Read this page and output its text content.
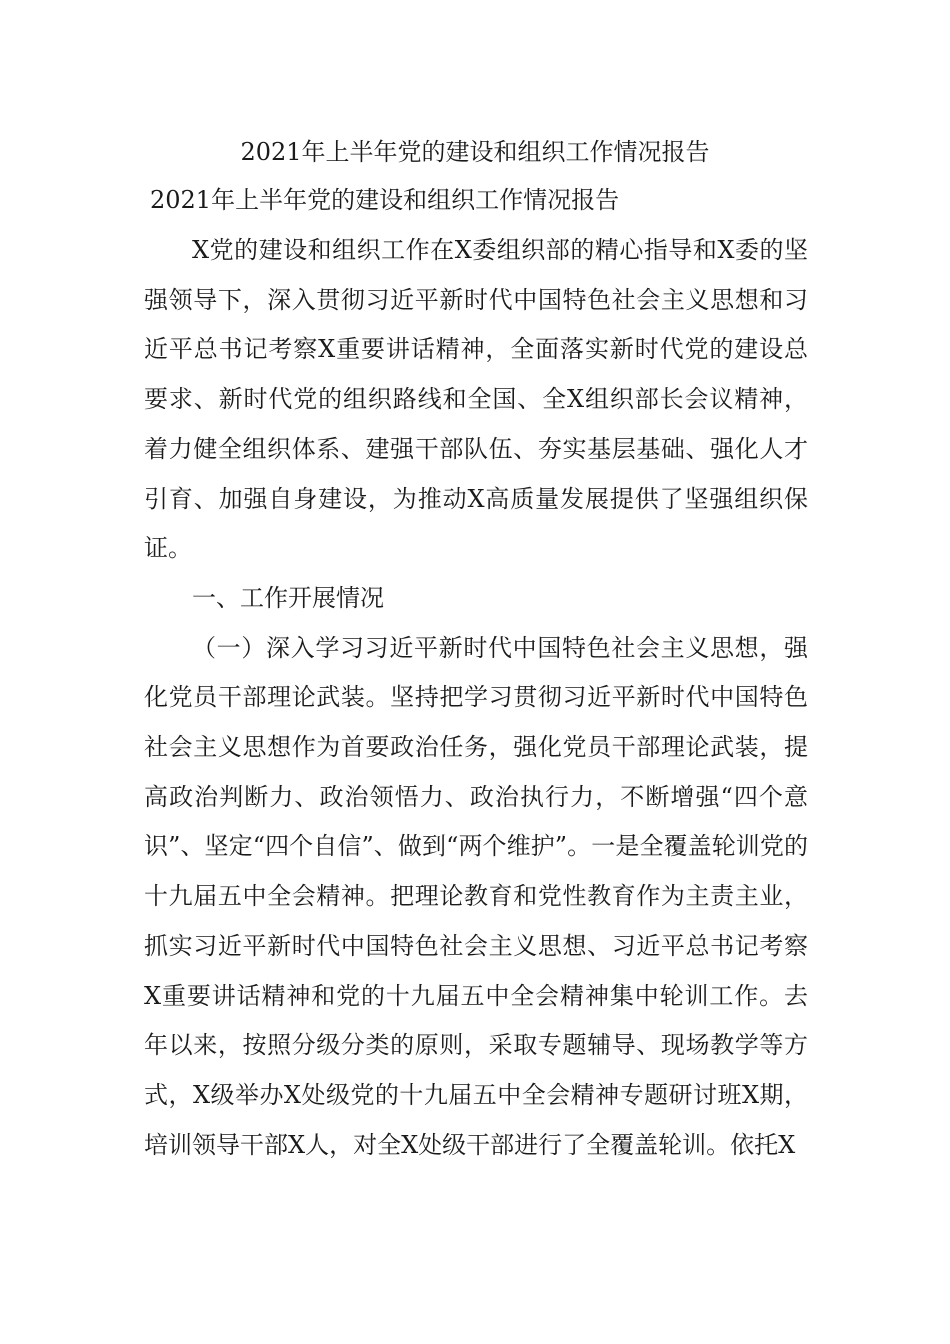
2021年上半年党的建设和组织工作情况报告
2021年上半年党的建设和组织工作情况报告

X党的建设和组织工作在X委组织部的精心指导和X委的坚强领导下，深入贯彻习近平新时代中国特色社会主义思想和习近平总书记考察X重要讲话精神，全面落实新时代党的建设总要求、新时代党的组织路线和全国、全X组织部长会议精神，着力健全组织体系、建强干部队伍、夯实基层基础、强化人才引育、加强自身建设，为推动X高质量发展提供了坚强组织保证。

一、工作开展情况

（一）深入学习习近平新时代中国特色社会主义思想，强化党员干部理论武装。坚持把学习贯彻习近平新时代中国特色社会主义思想作为首要政治任务，强化党员干部理论武装，提高政治判断力、政治领悟力、政治执行力，不断增强“四个意识”、坚定“四个自信”、做到“两个维护”。一是全覆盖轮训党的十九届五中全会精神。把理论教育和党性教育作为主责主业，抓实习近平新时代中国特色社会主义思想、习近平总书记考察X重要讲话精神和党的十九届五中全会精神集中轮训工作。去年以来，按照分级分类的原则，采取专题辅导、现场教学等方式，X级举办X处级党的十九届五中全会精神专题研讨班X期，培训领导干部X人，对全X处级干部进行了全覆盖轮训。依托X
